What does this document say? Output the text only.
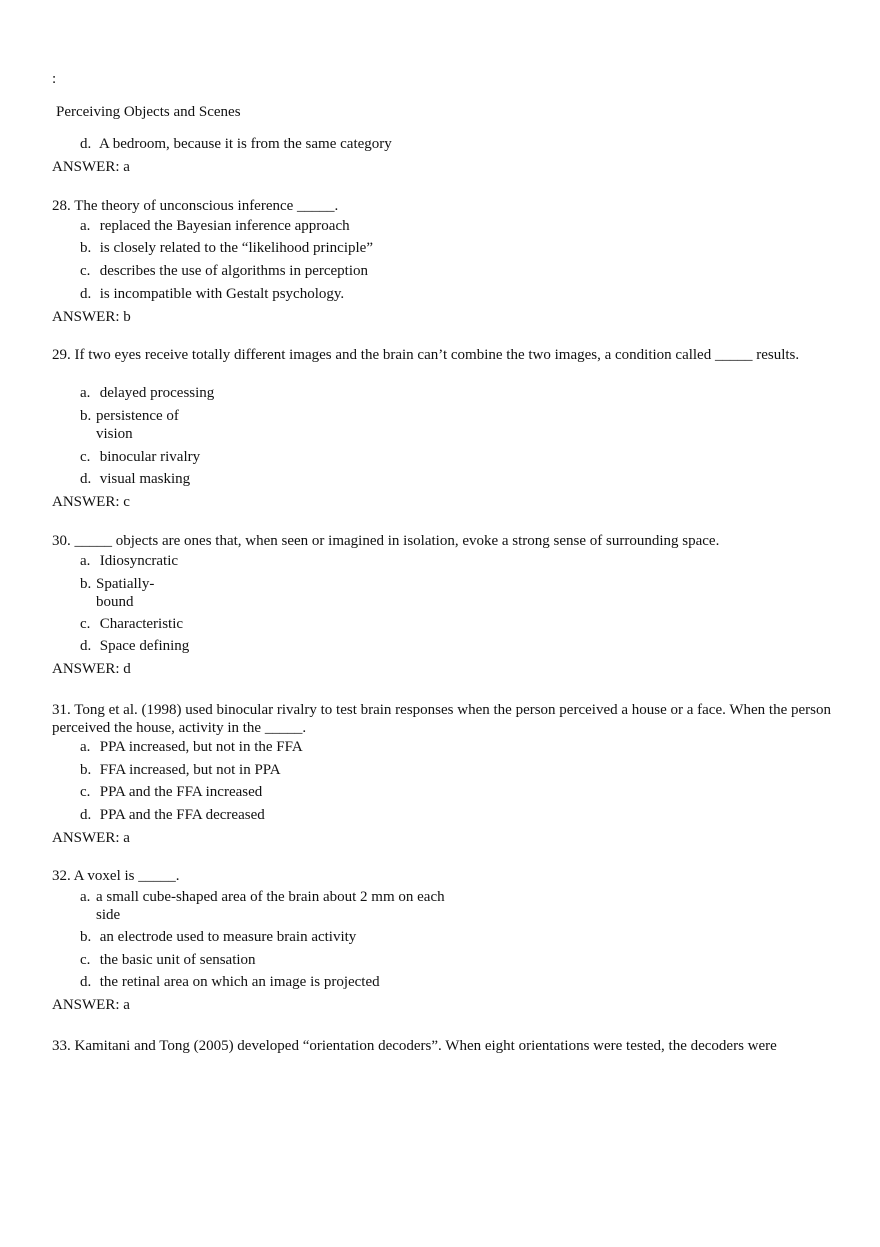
:
Perceiving Objects and Scenes
d. A bedroom, because it is from the same category
ANSWER: a
28. The theory of unconscious inference _____.
a. replaced the Bayesian inference approach
b. is closely related to the “likelihood principle”
c. describes the use of algorithms in perception
d. is incompatible with Gestalt psychology.
ANSWER: b
29. If two eyes receive totally different images and the brain can’t combine the two images, a condition called _____ results.
a. delayed processing
b. persistence of vision
c. binocular rivalry
d. visual masking
ANSWER: c
30. _____ objects are ones that, when seen or imagined in isolation, evoke a strong sense of surrounding space.
a. Idiosyncratic
b. Spatially-bound
c. Characteristic
d. Space defining
ANSWER: d
31. Tong et al. (1998) used binocular rivalry to test brain responses when the person perceived a house or a face. When the person perceived the house, activity in the _____.
a. PPA increased, but not in the FFA
b. FFA increased, but not in PPA
c. PPA and the FFA increased
d. PPA and the FFA decreased
ANSWER: a
32. A voxel is _____.
a. a small cube-shaped area of the brain about 2 mm on each side
b. an electrode used to measure brain activity
c. the basic unit of sensation
d. the retinal area on which an image is projected
ANSWER: a
33. Kamitani and Tong (2005) developed “orientation decoders”. When eight orientations were tested, the decoders were
